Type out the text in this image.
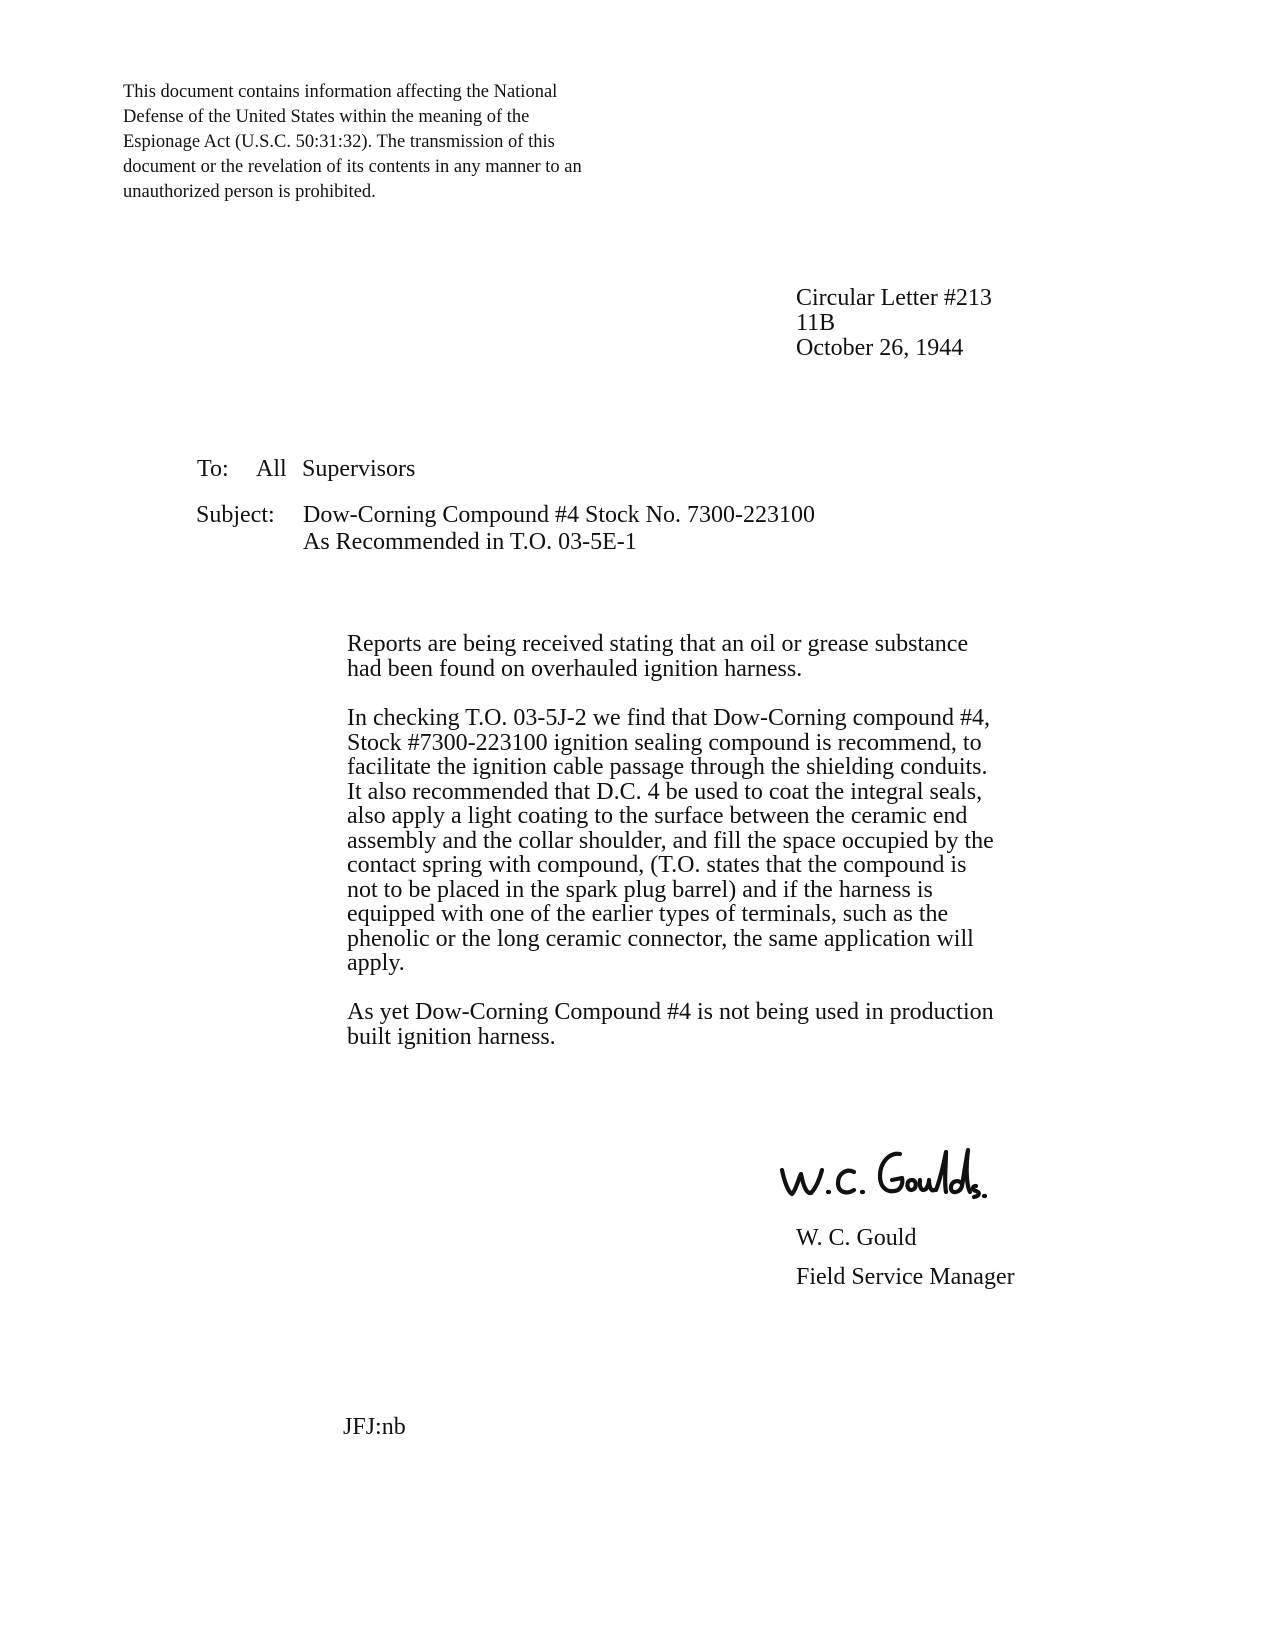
This document contains information affecting the National
Defense of the United States within the meaning of the
Espionage Act (U.S.C. 50:31:32). The transmission of this
document or the revelation of its contents in any manner to an
unauthorized person is prohibited.
Circular Letter #213
11B
October 26, 1944
To: All Supervisors
Subject: Dow-Corning Compound #4 Stock No. 7300-223100
As Recommended in T.O. 03-5E-1
Reports are being received stating that an oil or grease substance
had been found on overhauled ignition harness.
In checking T.O. 03-5J-2 we find that Dow-Corning compound #4,
Stock #7300-223100 ignition sealing compound is recommend, to
facilitate the ignition cable passage through the shielding conduits.
It also recommended that D.C. 4 be used to coat the integral seals,
also apply a light coating to the surface between the ceramic end
assembly and the collar shoulder, and fill the space occupied by the
contact spring with compound, (T.O. states that the compound is
not to be placed in the spark plug barrel) and if the harness is
equipped with one of the earlier types of terminals, such as the
phenolic or the long ceramic connector, the same application will
apply.
As yet Dow-Corning Compound #4 is not being used in production
built ignition harness.
W. C. Gould
Field Service Manager
JFJ:nb
